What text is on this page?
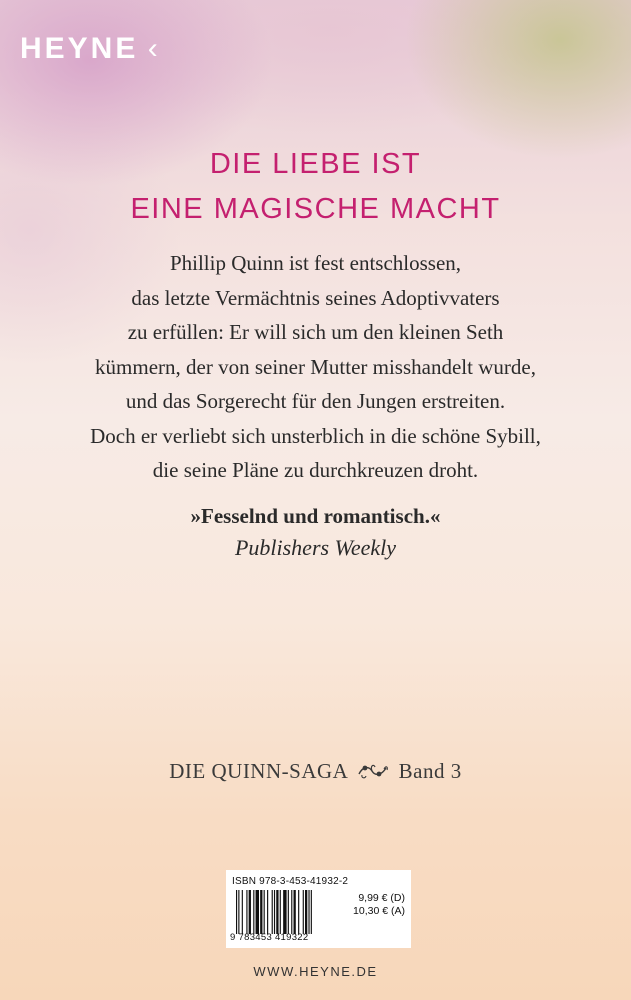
HEYNE ‹
DIE LIEBE IST
EINE MAGISCHE MACHT
Phillip Quinn ist fest entschlossen,
das letzte Vermächtnis seines Adoptivvaters
zu erfüllen: Er will sich um den kleinen Seth
kümmern, der von seiner Mutter misshandelt wurde,
und das Sorgerecht für den Jungen erstreiten.
Doch er verliebt sich unsterblich in die schöne Sybill,
die seine Pläne zu durchkreuzen droht.
»Fesselnd und romantisch.«
Publishers Weekly
DIE QUINN-SAGA Band 3
ISBN 978-3-453-41932-2
9 783453 419322
9,99 € (D)
10,30 € (A)
WWW.HEYNE.DE
